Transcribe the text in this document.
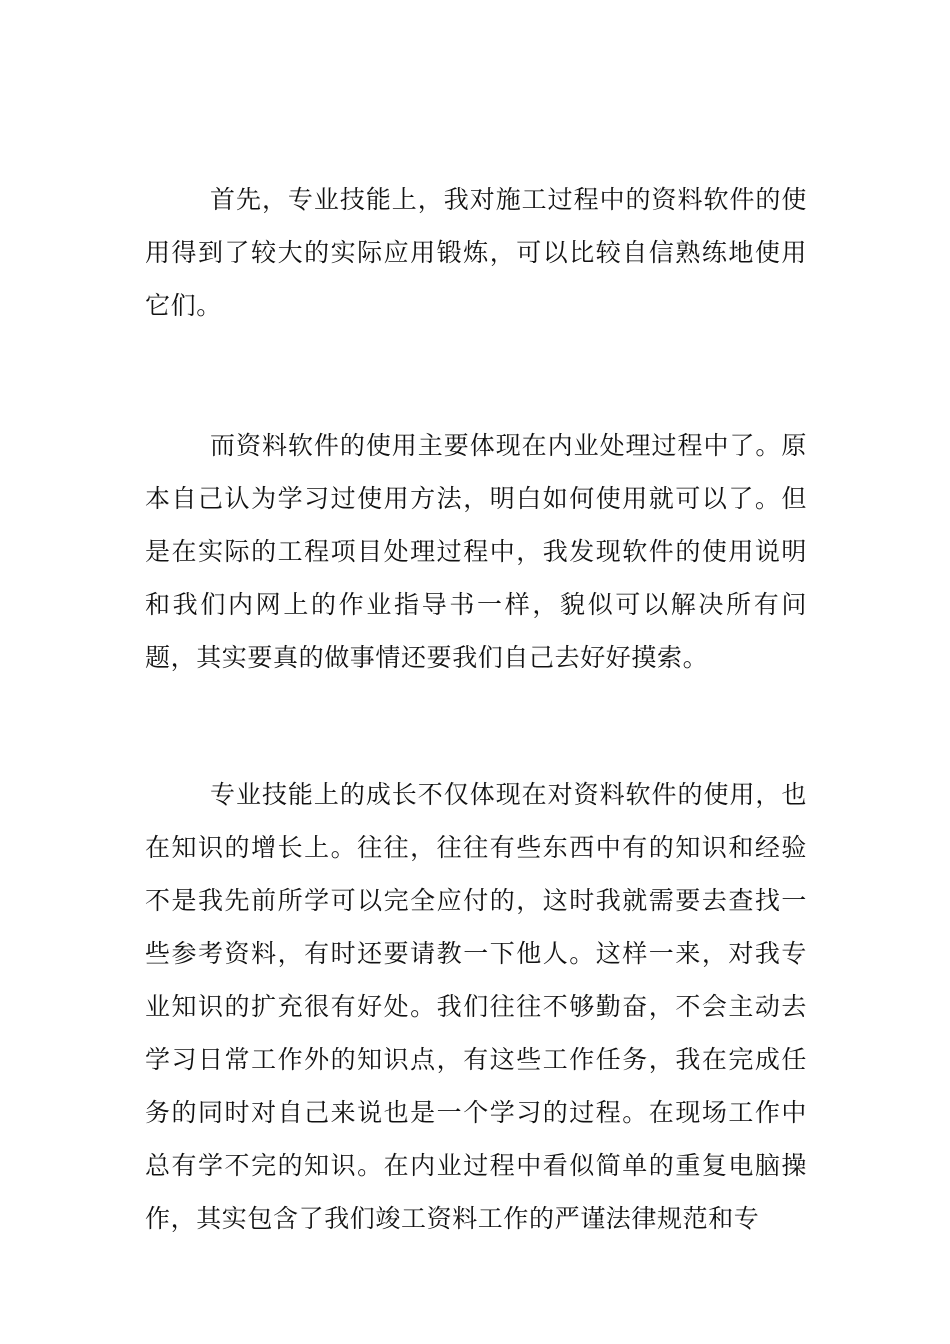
首先，专业技能上，我对施工过程中的资料软件的使用得到了较大的实际应用锻炼，可以比较自信熟练地使用它们。

而资料软件的使用主要体现在内业处理过程中了。原本自己认为学习过使用方法，明白如何使用就可以了。但是在实际的工程项目处理过程中，我发现软件的使用说明和我们内网上的作业指导书一样，貌似可以解决所有问题，其实要真的做事情还要我们自己去好好摸索。

专业技能上的成长不仅体现在对资料软件的使用，也在知识的增长上。往往，往往有些东西中有的知识和经验不是我先前所学可以完全应付的，这时我就需要去查找一些参考资料，有时还要请教一下他人。这样一来，对我专业知识的扩充很有好处。我们往往不够勤奋，不会主动去学习日常工作外的知识点，有这些工作任务，我在完成任务的同时对自己来说也是一个学习的过程。在现场工作中总有学不完的知识。在内业过程中看似简单的重复电脑操作，其实包含了我们竣工资料工作的严谨法律规范和专
